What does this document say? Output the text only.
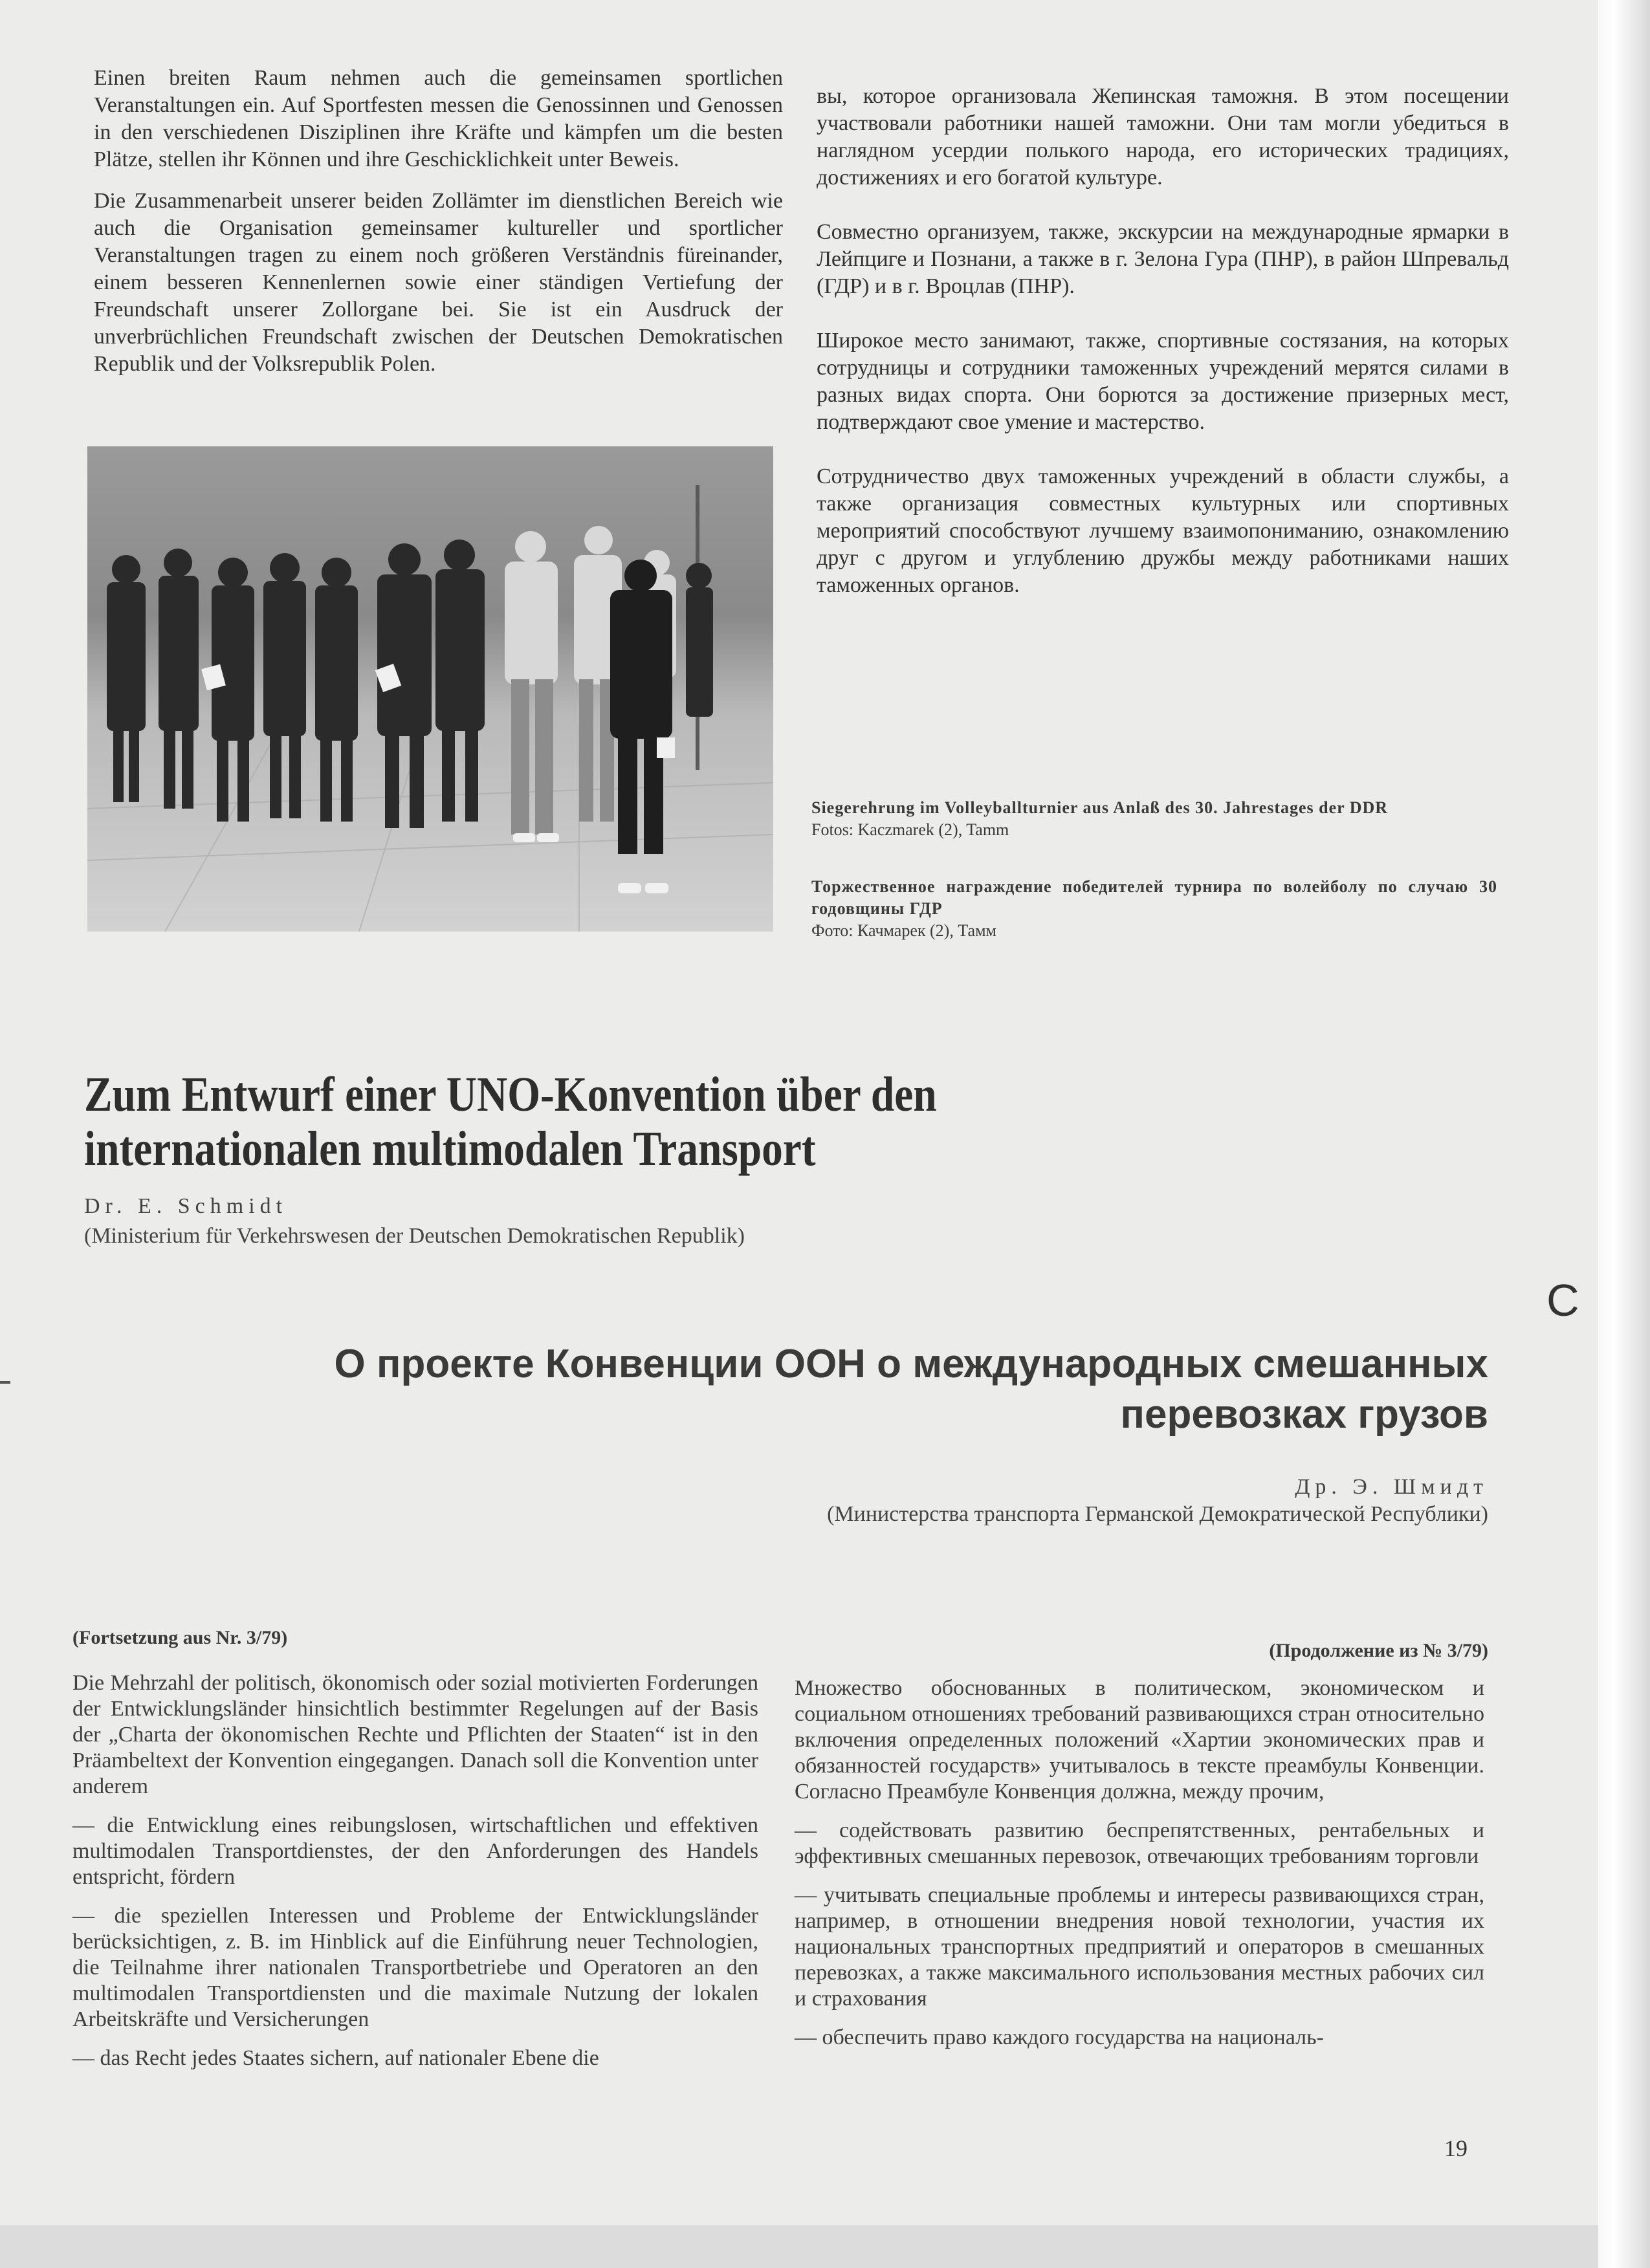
Einen breiten Raum nehmen auch die gemeinsamen sportlichen Veranstaltungen ein. Auf Sportfesten messen die Genossinnen und Genossen in den verschiedenen Disziplinen ihre Kräfte und kämpfen um die besten Plätze, stellen ihr Können und ihre Geschicklichkeit unter Beweis.

Die Zusammenarbeit unserer beiden Zollämter im dienstlichen Bereich wie auch die Organisation gemeinsamer kultureller und sportlicher Veranstaltungen tragen zu einem noch größeren Verständnis füreinander, einem besseren Kennenlernen sowie einer ständigen Vertiefung der Freundschaft unserer Zollorgane bei. Sie ist ein Ausdruck der unverbrüchlichen Freundschaft zwischen der Deutschen Demokratischen Republik und der Volksrepublik Polen.

вы, которое организовала Жепинская таможня. В этом посещении участвовали работники нашей таможни. Они там могли убедиться в наглядном усердии полького народа, его исторических традициях, достижениях и его богатой культуре.

Совместно организуем, также, экскурсии на международные ярмарки в Лейпциге и Познани, а также в г. Зелона Гура (ПНР), в район Шпревальд (ГДР) и в г. Вроцлав (ПНР).

Широкое место занимают, также, спортивные состязания, на которых сотрудницы и сотрудники таможенных учреждений мерятся силами в разных видах спорта. Они борются за достижение призерных мест, подтверждают свое умение и мастерство.

Сотрудничество двух таможенных учреждений в области службы, а также организация совместных культурных или спортивных мероприятий способствуют лучшему взаимопониманию, ознакомлению друг с другом и углублению дружбы между работниками наших таможенных органов.

Siegerehrung im Volleyballturnier aus Anlaß des 30. Jahrestages der DDR
Fotos: Kaczmarek (2), Tamm
Торжественное награждение победителей турнира по волейболу по случаю 30 годовщины ГДР
Фото: Качмарек (2), Тамм
Zum Entwurf einer UNO-Konvention über den internationalen multimodalen Transport
Dr. E. Schmidt
(Ministerium für Verkehrswesen der Deutschen Demokratischen Republik)
О проекте Конвенции ООН о международных смешанных перевозках грузов
Др. Э. Шмидт
(Министерства транспорта Германской Демократической Республики)
C
(Fortsetzung aus Nr. 3/79)
(Продолжение из № 3/79)

Die Mehrzahl der politisch, ökonomisch oder sozial motivierten Forderungen der Entwicklungsländer hinsichtlich bestimmter Regelungen auf der Basis der „Charta der ökonomischen Rechte und Pflichten der Staaten“ ist in den Präambeltext der Konvention eingegangen. Danach soll die Konvention unter anderem

— die Entwicklung eines reibungslosen, wirtschaftlichen und effektiven multimodalen Transportdienstes, der den Anforderungen des Handels entspricht, fördern

— die speziellen Interessen und Probleme der Entwicklungsländer berücksichtigen, z. B. im Hinblick auf die Einführung neuer Technologien, die Teilnahme ihrer nationalen Transportbetriebe und Operatoren an den multimodalen Transportdiensten und die maximale Nutzung der lokalen Arbeitskräfte und Versicherungen

— das Recht jedes Staates sichern, auf nationaler Ebene die

Множество обоснованных в политическом, экономическом и социальном отношениях требований развивающихся стран относительно включения определенных положений «Хартии экономических прав и обязанностей государств» учитывалось в тексте преамбулы Конвенции. Согласно Преамбуле Конвенция должна, между прочим,

— содействовать развитию беспрепятственных, рентабельных и эффективных смешанных перевозок, отвечающих требованиям торговли

— учитывать специальные проблемы и интересы развивающихся стран, например, в отношении внедрения новой технологии, участия их национальных транспортных предприятий и операторов в смешанных перевозках, а также максимального использования местных рабочих сил и страхования

— обеспечить право каждого государства на националь-

19
